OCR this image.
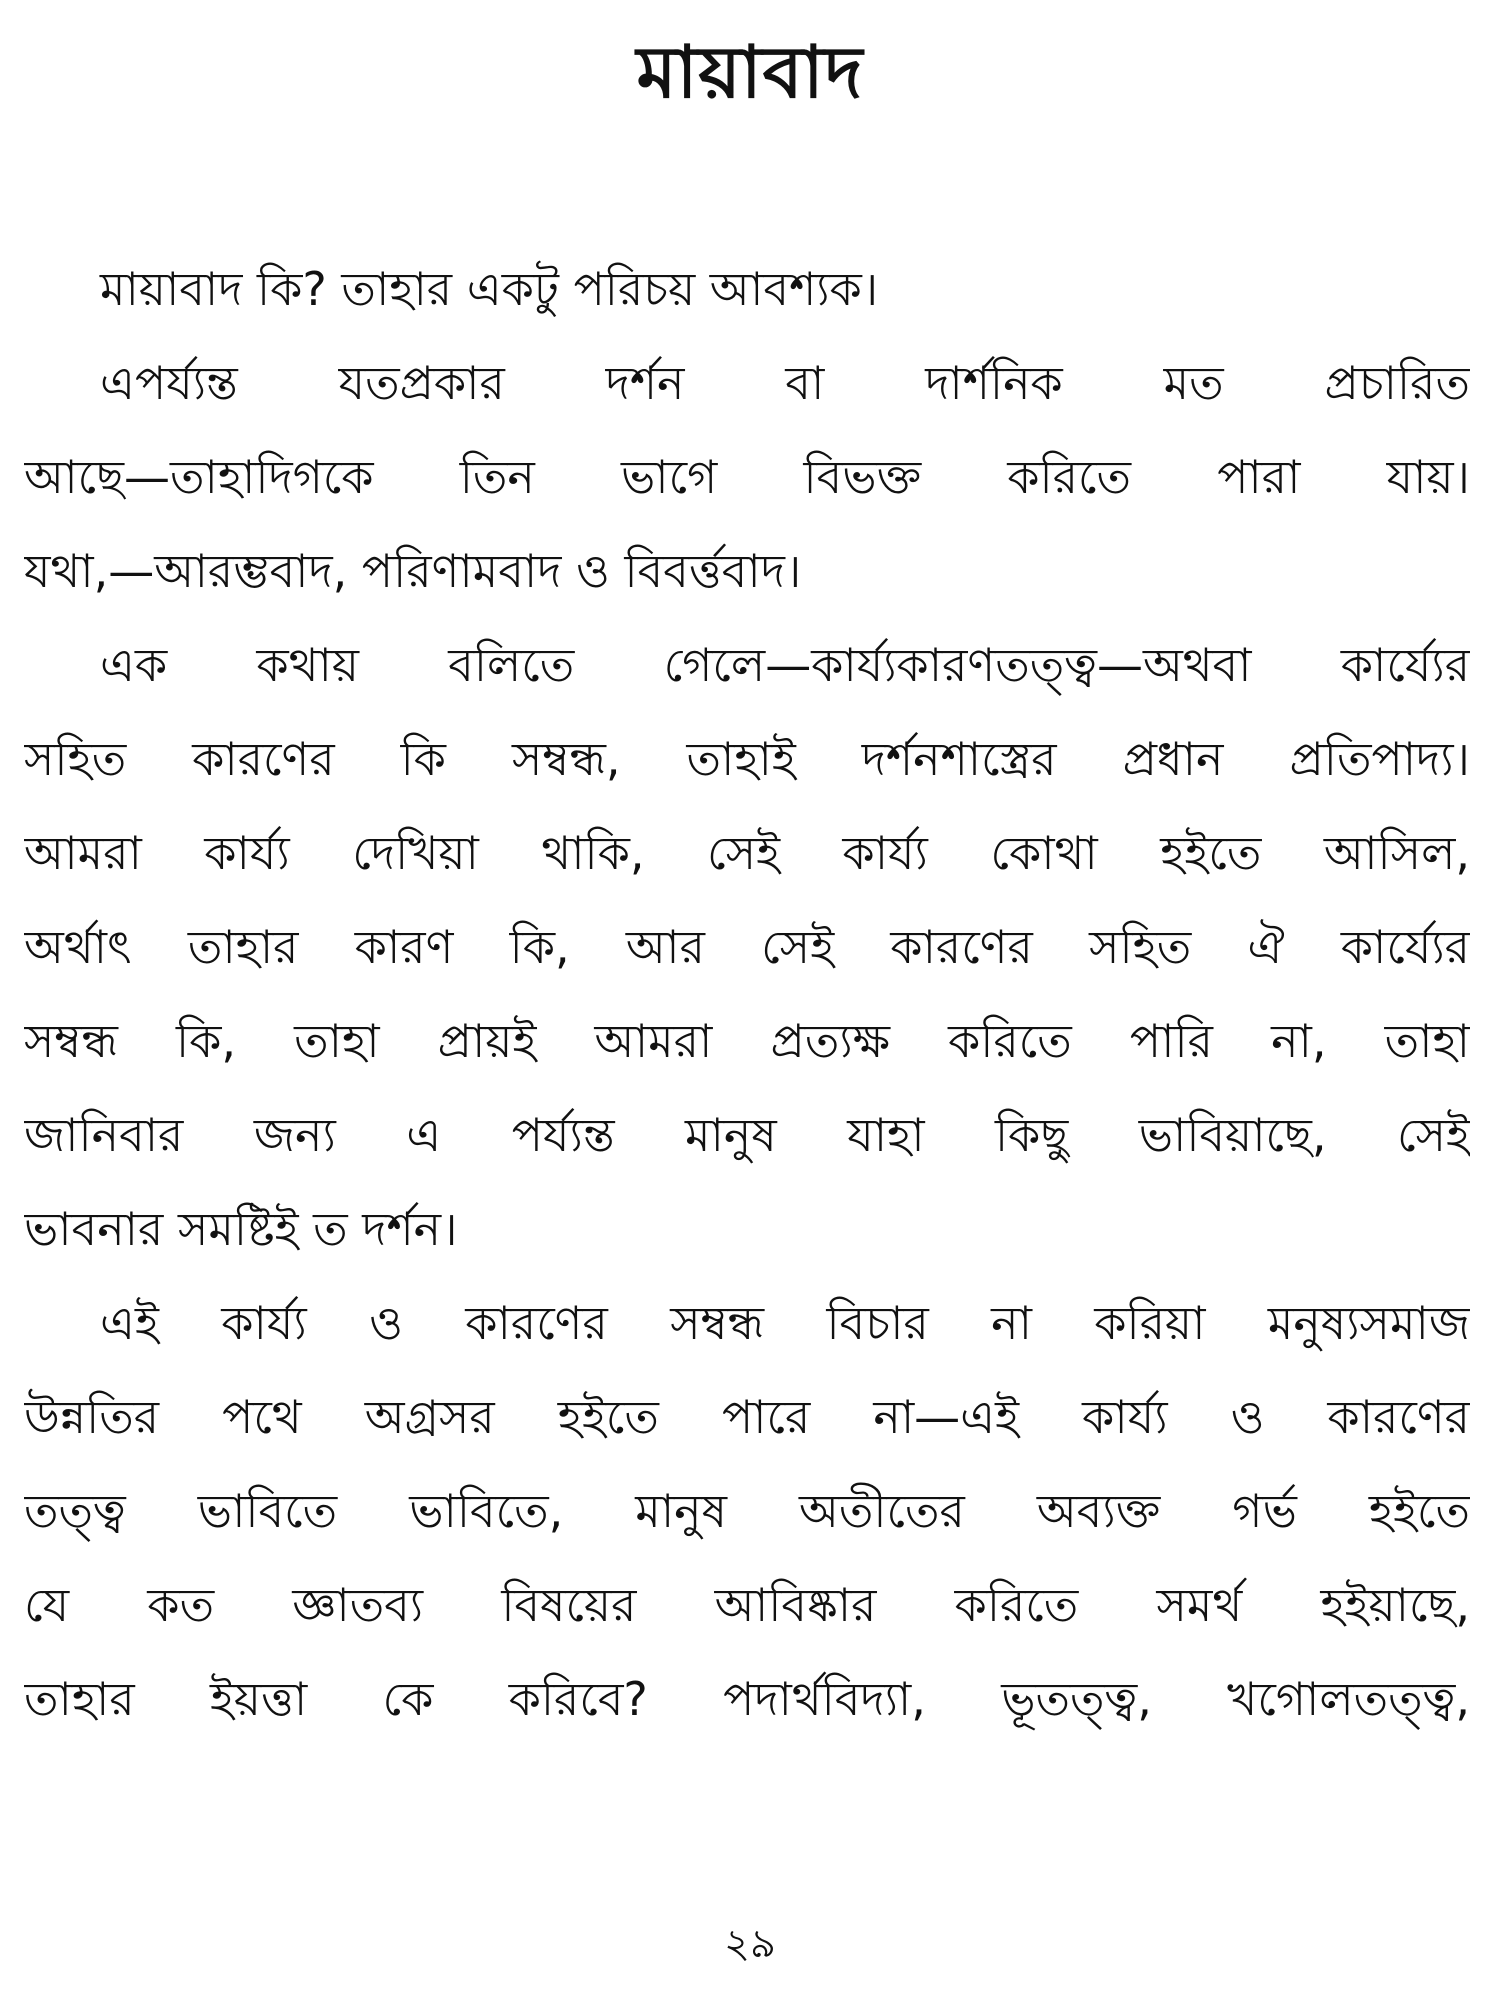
মায়াবাদ
মায়াবাদ কি? তাহার একটু পরিচয় আবশ্যক।
এপর্য্যন্ত যতপ্রকার দর্শন বা দার্শনিক মত প্রচারিত
আছে—তাহাদিগকে তিন ভাগে বিভক্ত করিতে পারা যায়।
যথা,—আরম্ভবাদ, পরিণামবাদ ও বিবর্ত্তবাদ।
এক কথায় বলিতে গেলে—কার্য্যকারণতত্ত্ব—অথবা কার্য্যের
সহিত কারণের কি সম্বন্ধ, তাহাই দর্শনশাস্ত্রের প্রধান প্রতিপাদ্য।
আমরা কার্য্য দেখিয়া থাকি, সেই কার্য্য কোথা হইতে আসিল,
অর্থাৎ তাহার কারণ কি, আর সেই কারণের সহিত ঐ কার্য্যের
সম্বন্ধ কি, তাহা প্রায়ই আমরা প্রত্যক্ষ করিতে পারি না, তাহা
জানিবার জন্য এ পর্য্যন্ত মানুষ যাহা কিছু ভাবিয়াছে, সেই
ভাবনার সমষ্টিই ত দর্শন।
এই কার্য্য ও কারণের সম্বন্ধ বিচার না করিয়া মনুষ্যসমাজ
উন্নতির পথে অগ্রসর হইতে পারে না—এই কার্য্য ও কারণের
তত্ত্ব ভাবিতে ভাবিতে, মানুষ অতীতের অব্যক্ত গর্ভ হইতে
যে কত জ্ঞাতব্য বিষয়ের আবিষ্কার করিতে সমর্থ হইয়াছে,
তাহার ইয়ত্তা কে করিবে? পদার্থবিদ্যা, ভূতত্ত্ব, খগোলতত্ত্ব,
২৯
